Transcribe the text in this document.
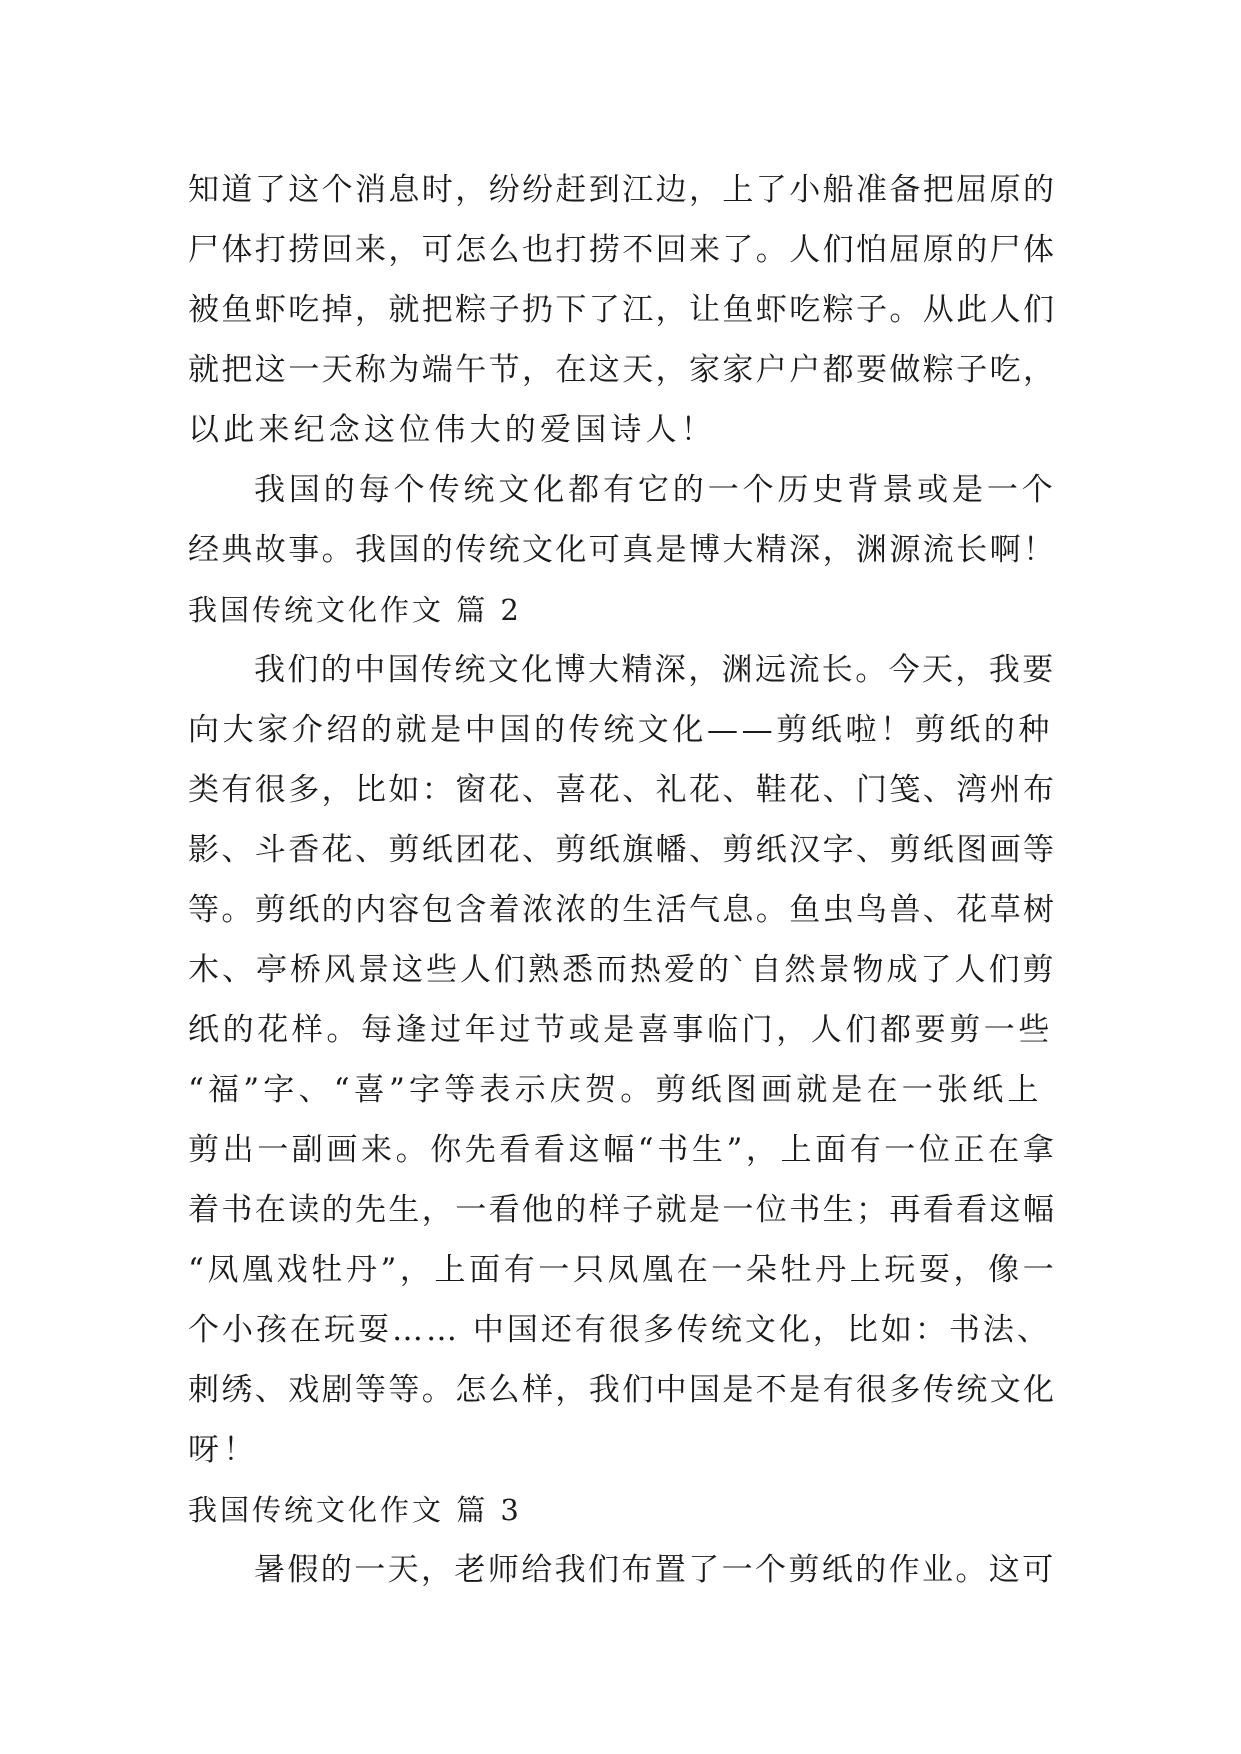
知道了这个消息时，纷纷赶到江边，上了小船准备把屈原的
尸体打捞回来，可怎么也打捞不回来了。人们怕屈原的尸体
被鱼虾吃掉，就把粽子扔下了江，让鱼虾吃粽子。从此人们
就把这一天称为端午节，在这天，家家户户都要做粽子吃，
以此来纪念这位伟大的爱国诗人！
我国的每个传统文化都有它的一个历史背景或是一个
经典故事。我国的传统文化可真是博大精深，渊源流长啊！
我国传统文化作文 篇 2
我们的中国传统文化博大精深，渊远流长。今天，我要
向大家介绍的就是中国的传统文化——剪纸啦！剪纸的种
类有很多，比如：窗花、喜花、礼花、鞋花、门笺、湾州布
影、斗香花、剪纸团花、剪纸旗幡、剪纸汉字、剪纸图画等
等。剪纸的内容包含着浓浓的生活气息。鱼虫鸟兽、花草树
木、亭桥风景这些人们熟悉而热爱的`自然景物成了人们剪
纸的花样。每逢过年过节或是喜事临门，人们都要剪一些
“福”字、“喜”字等表示庆贺。剪纸图画就是在一张纸上
剪出一副画来。你先看看这幅“书生”，上面有一位正在拿
着书在读的先生，一看他的样子就是一位书生；再看看这幅
“凤凰戏牡丹”，上面有一只凤凰在一朵牡丹上玩耍，像一
个小孩在玩耍…… 中国还有很多传统文化，比如：书法、
刺绣、戏剧等等。怎么样，我们中国是不是有很多传统文化
呀！
我国传统文化作文 篇 3
暑假的一天，老师给我们布置了一个剪纸的作业。这可
